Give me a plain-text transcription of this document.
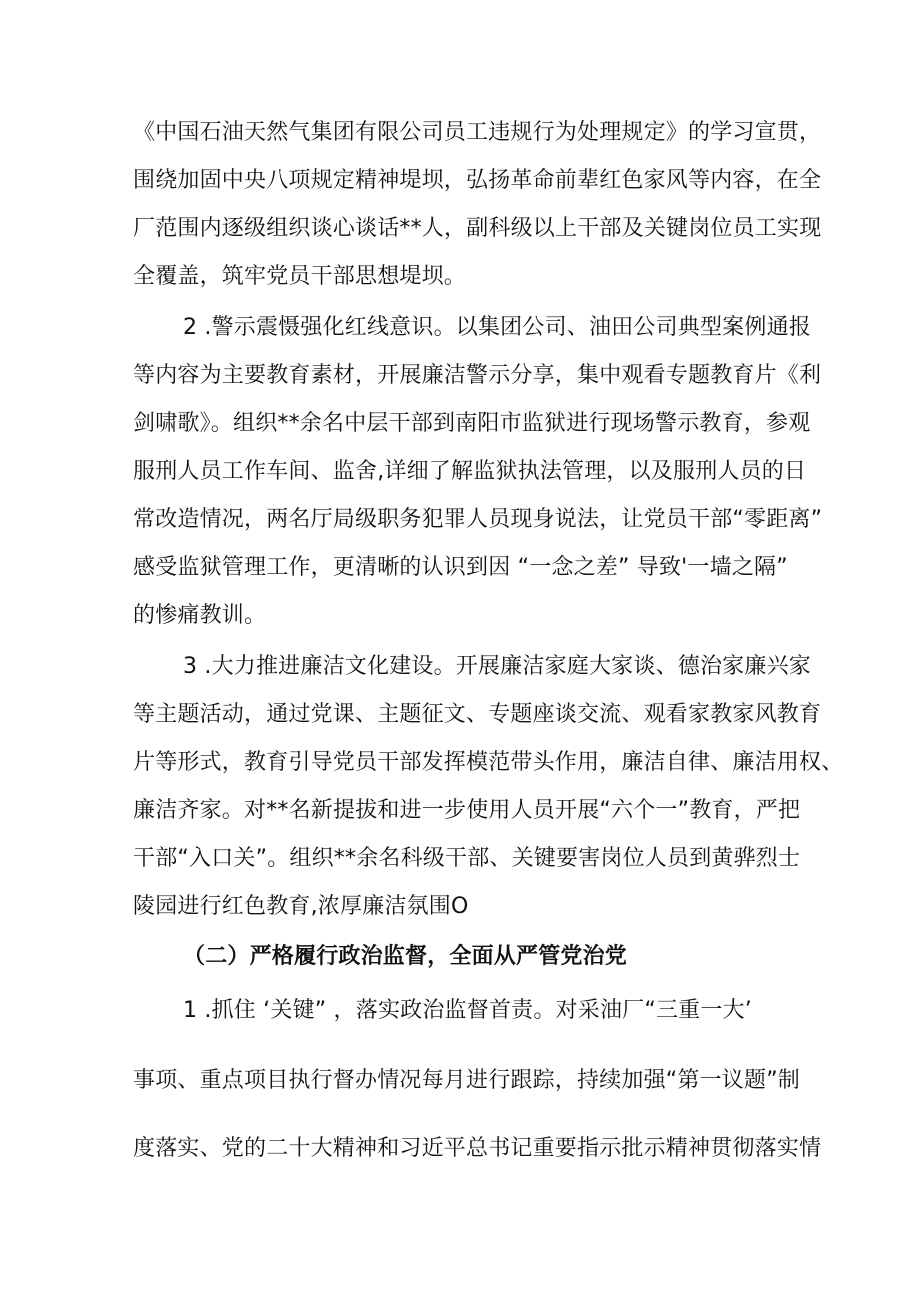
《中国石油天然气集团有限公司员工违规行为处理规定》的学习宣贯，
围绕加固中央八项规定精神堤坝，弘扬革命前辈红色家风等内容，在全
厂范围内逐级组织谈心谈话**人，副科级以上干部及关键岗位员工实现
全覆盖，筑牢党员干部思想堤坝。
2 .警示震慑强化红线意识。以集团公司、油田公司典型案例通报
等内容为主要教育素材，开展廉洁警示分享，集中观看专题教育片《利
剑啸歌》。组织**余名中层干部到南阳市监狱进行现场警示教育，参观
服刑人员工作车间、监舍,详细了解监狱执法管理，以及服刑人员的日
常改造情况，两名厅局级职务犯罪人员现身说法，让党员干部“零距离”
感受监狱管理工作，更清晰的认识到因 “一念之差” 导致'一墙之隔”
的惨痛教训。
3 .大力推进廉洁文化建设。开展廉洁家庭大家谈、德治家廉兴家
等主题活动，通过党课、主题征文、专题座谈交流、观看家教家风教育
片等形式，教育引导党员干部发挥模范带头作用，廉洁自律、廉洁用权、
廉洁齐家。对**名新提拔和进一步使用人员开展“六个一”教育，严把
干部“入口关”。组织**余名科级干部、关键要害岗位人员到黄骅烈士
陵园进行红色教育,浓厚廉洁氛围O
（二）严格履行政治监督，全面从严管党治党
1 .抓住 ‘关键” ，落实政治监督首责。对采油厂“三重一大’
事项、重点项目执行督办情况每月进行跟踪，持续加强“第一议题”制
度落实、党的二十大精神和习近平总书记重要指示批示精神贯彻落实情
